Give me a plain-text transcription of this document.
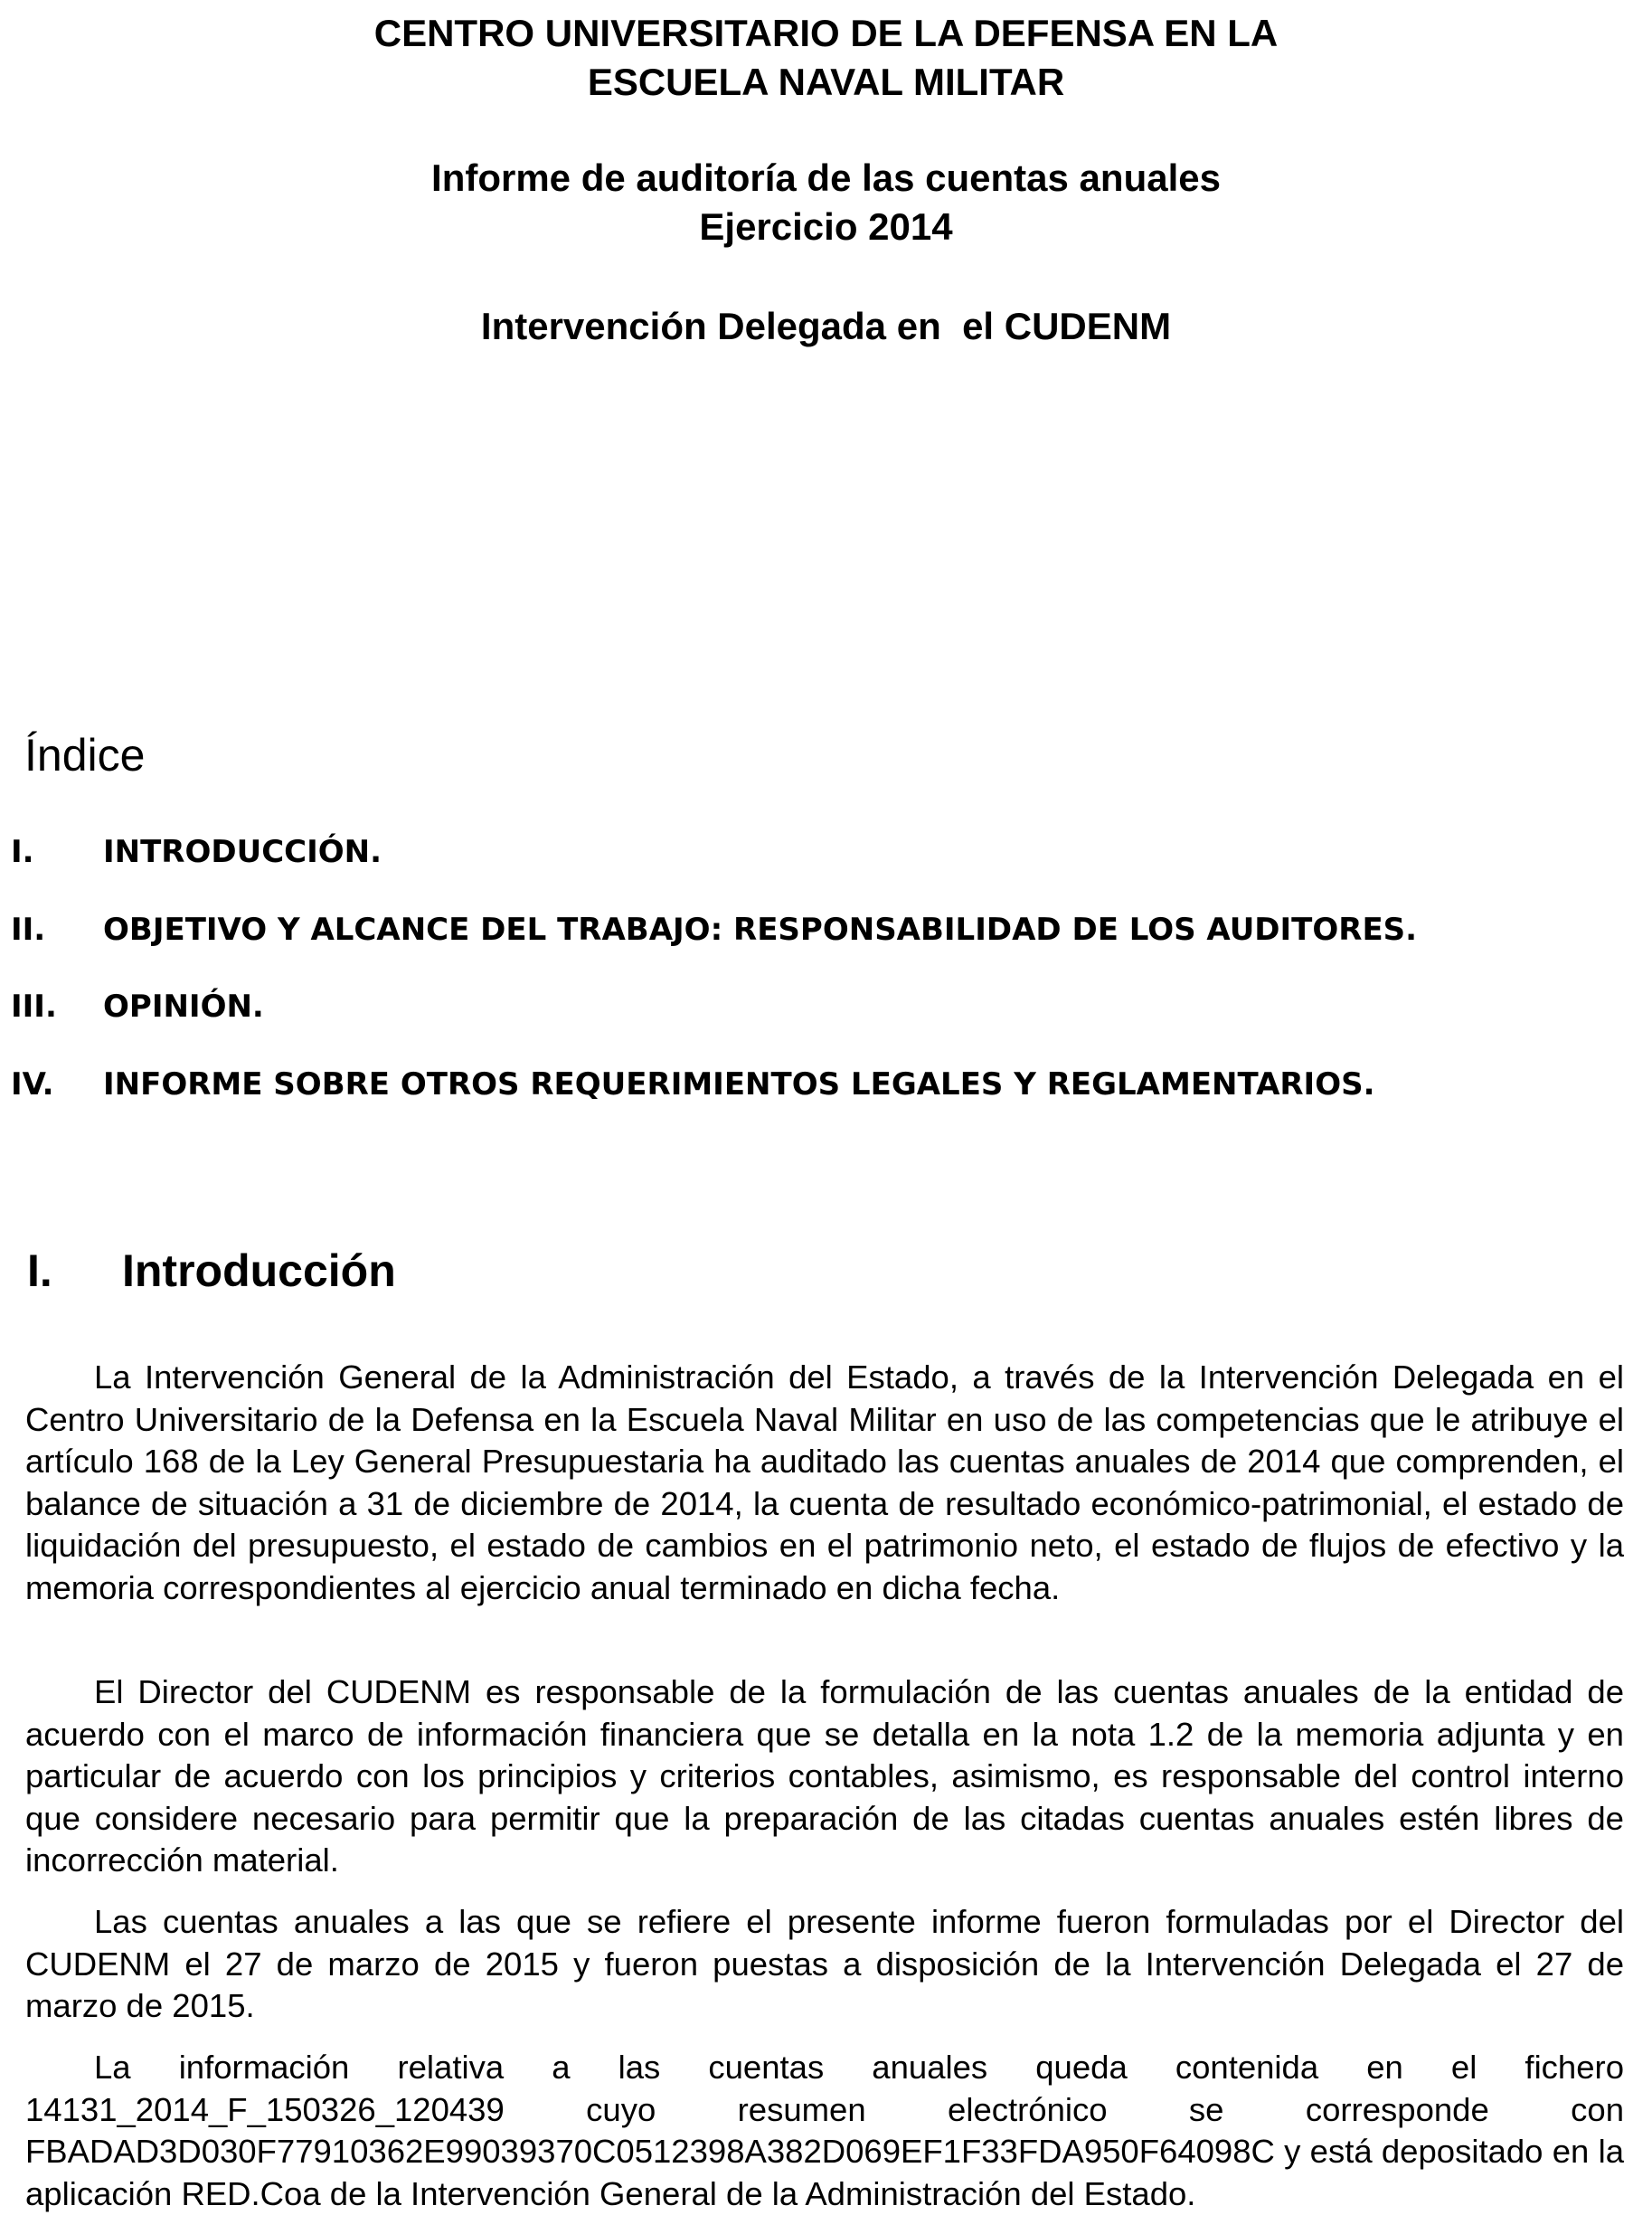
CENTRO UNIVERSITARIO DE LA DEFENSA EN LA
ESCUELA NAVAL MILITAR
Informe de auditoría de las cuentas anuales
Ejercicio 2014
Intervención Delegada en  el CUDENM
Índice
I.	INTRODUCCIÓN.
II.	OBJETIVO Y ALCANCE DEL TRABAJO: RESPONSABILIDAD DE LOS AUDITORES.
III.	OPINIÓN.
IV.	INFORME SOBRE OTROS REQUERIMIENTOS LEGALES Y REGLAMENTARIOS.
I. Introducción

La Intervención General de la Administración del Estado, a través de la Intervención Delegada en el Centro Universitario de la Defensa en la Escuela Naval Militar en uso de las competencias que le atribuye el artículo 168 de la Ley General Presupuestaria ha auditado las cuentas anuales de 2014 que comprenden, el balance de situación a 31 de diciembre de 2014, la cuenta de resultado económico-patrimonial, el estado de liquidación del presupuesto, el estado de cambios en el patrimonio neto, el estado de flujos de efectivo y la memoria correspondientes al ejercicio anual terminado en dicha fecha.

El Director del CUDENM es responsable de la formulación de las cuentas anuales de la entidad de acuerdo con el marco de información financiera que se detalla en la nota 1.2 de la memoria adjunta y en particular de acuerdo con los principios y criterios contables, asimismo, es responsable del control interno que considere necesario para permitir que la preparación de las citadas cuentas anuales estén libres de incorrección material.

Las cuentas anuales a las que se refiere el presente informe fueron formuladas por el Director del CUDENM el 27 de marzo de 2015 y fueron puestas a disposición de la Intervención Delegada el 27 de marzo de 2015.

La información relativa a las cuentas anuales queda contenida en el fichero 14131_2014_F_150326_120439 cuyo resumen electrónico se corresponde con FBADAD3D030F77910362E99039370C0512398A382D069EF1F33FDA950F64098C y está depositado en la aplicación RED.Coa de la Intervención General de la Administración del Estado.
